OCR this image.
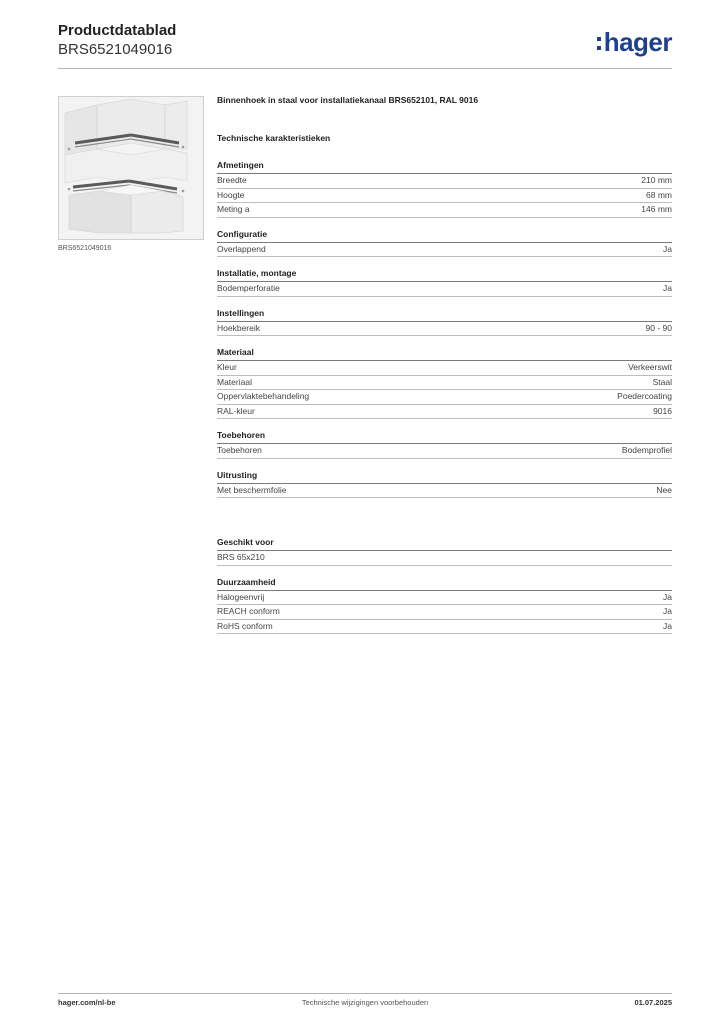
Productdatablad
BRS6521049016	hager
BRS6521049016
Binnenhoek in staal voor installatiekanaal BRS652101, RAL 9016
Technische karakteristieken
Afmetingen
Breedte	210 mm
Hoogte	68 mm
Meting a	146 mm
Configuratie
Overlappend	Ja
Installatie, montage
Bodemperforatie	Ja
Instellingen
Hoekbereik	90 - 90
Materiaal
Kleur	Verkeerswit
Materiaal	Staal
Oppervlaktebehandeling	Poedercoating
RAL-kleur	9016
Toebehoren
Toebehoren	Bodemprofiel
Uitrusting
Met beschermfolie	Nee
Geschikt voor
BRS 65x210
Duurzaamheid
Halogeenvrij	Ja
REACH conform	Ja
RoHS conform	Ja
hager.com/nl-be	Technische wijzigingen voorbehouden	01.07.2025
